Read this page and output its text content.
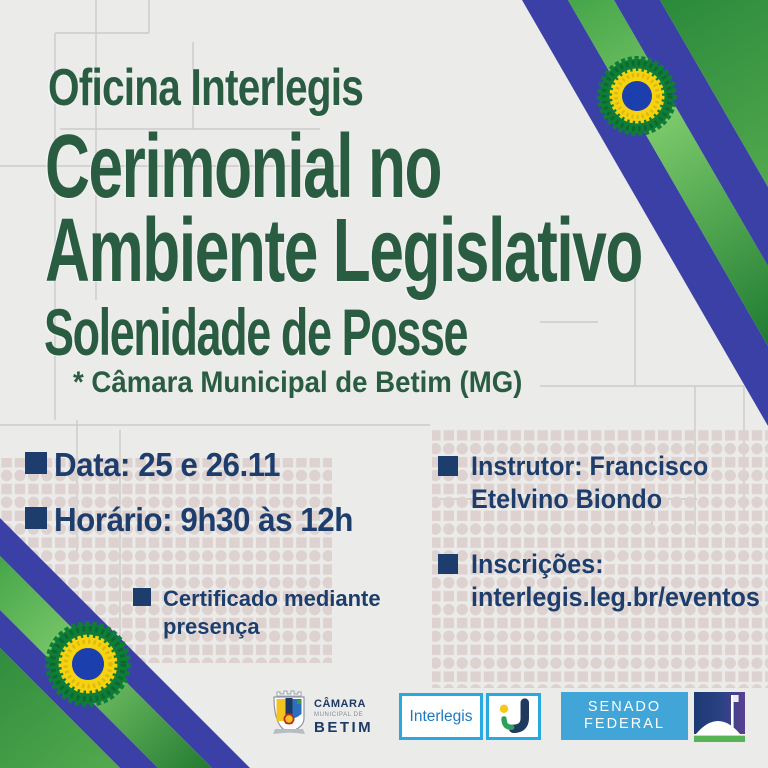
Oficina Interlegis
Cerimonial no
Ambiente Legislativo
Solenidade de Posse
* Câmara Municipal de Betim (MG)
Data: 25 e 26.11
Horário: 9h30 às 12h
Certificado mediante
presença
Instrutor: Francisco
Etelvino Biondo
Inscrições:
interlegis.leg.br/eventos
CÂMARA
MUNICIPAL DE
BETIM
Interlegis
SENADO
FEDERAL
